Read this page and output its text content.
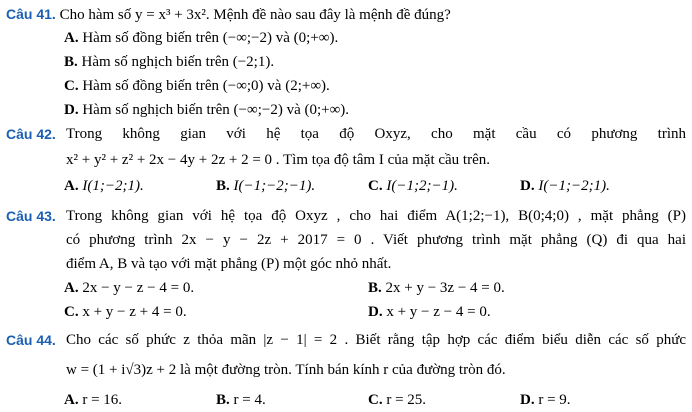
Câu 41. Cho hàm số y = x³ + 3x². Mệnh đề nào sau đây là mệnh đề đúng?
A. Hàm số đồng biến trên (−∞;−2) và (0;+∞).
B. Hàm số nghịch biến trên (−2;1).
C. Hàm số đồng biến trên (−∞;0) và (2;+∞).
D. Hàm số nghịch biến trên (−∞;−2) và (0;+∞).
Câu 42. Trong không gian với hệ tọa độ Oxyz, cho mặt cầu có phương trình
x² + y² + z² + 2x − 4y + 2z + 2 = 0 . Tìm tọa độ tâm I của mặt cầu trên.
A. I(1;−2;1).	B. I(−1;−2;−1).	C. I(−1;2;−1).	D. I(−1;−2;1).
Câu 43. Trong không gian với hệ tọa độ Oxyz , cho hai điểm A(1;2;−1), B(0;4;0) , mặt phẳng (P)
có phương trình 2x − y − 2z + 2017 = 0 . Viết phương trình mặt phẳng (Q) đi qua hai
điểm A, B và tạo với mặt phẳng (P) một góc nhỏ nhất.
A. 2x − y − z − 4 = 0.	B. 2x + y − 3z − 4 = 0.
C. x + y − z + 4 = 0.	D. x + y − z − 4 = 0.
Câu 44. Cho các số phức z thỏa mãn |z − 1| = 2 . Biết rằng tập hợp các điểm biểu diễn các số phức
w = (1 + i√3)z + 2 là một đường tròn. Tính bán kính r của đường tròn đó.
A. r = 16.	B. r = 4.	C. r = 25.	D. r = 9.
